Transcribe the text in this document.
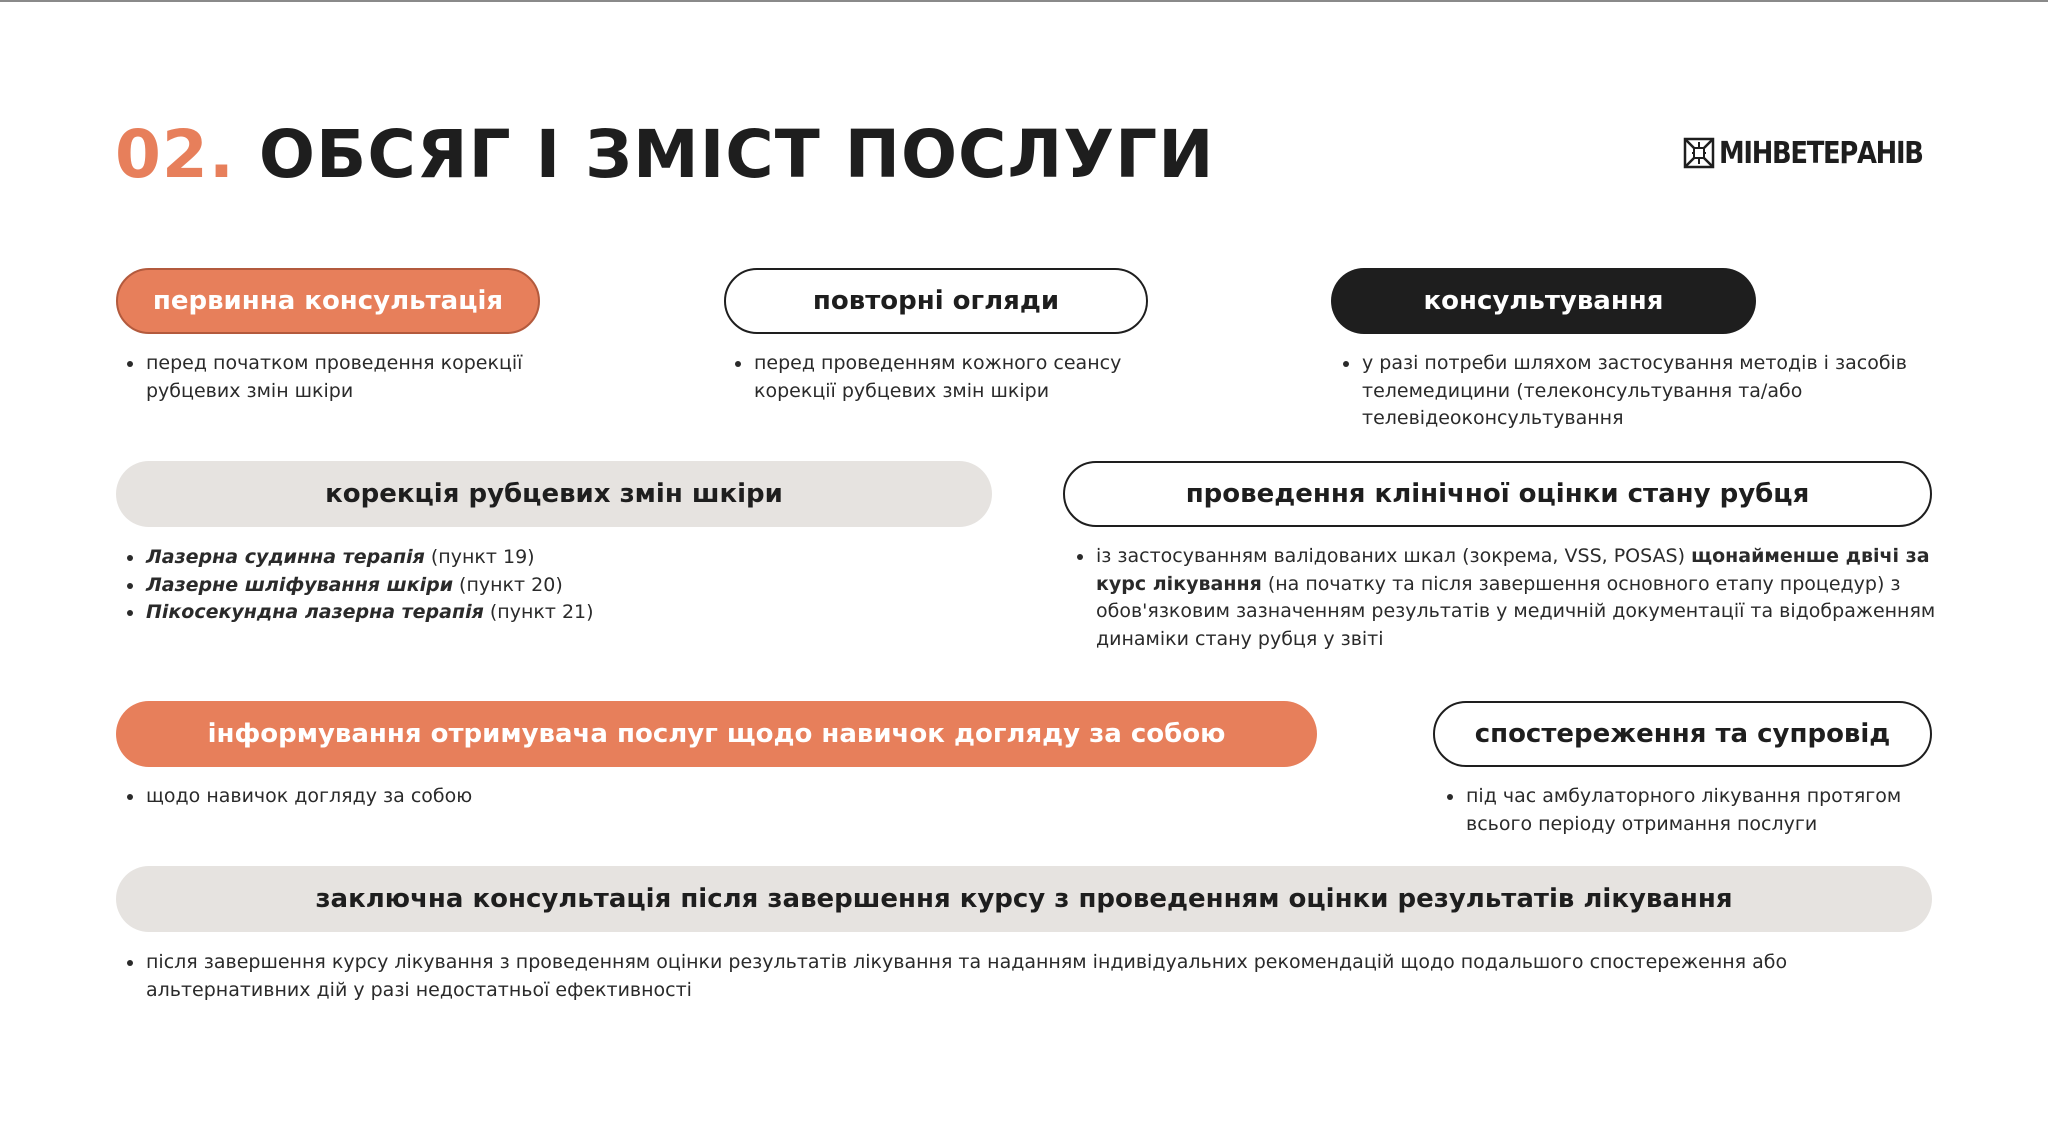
02. ОБСЯГ І ЗМІСТ ПОСЛУГИ	МІНВЕТЕРАНІВ
первинна консультація
перед початком проведення корекції рубцевих змін шкіри
повторні огляди
перед проведенням кожного сеансу корекції рубцевих змін шкіри
консультування
у разі потреби шляхом застосування методів і засобів телемедицини (телеконсультування та/або телевідеоконсультування
корекція рубцевих змін шкіри
Лазерна судинна терапія (пункт 19)
Лазерне шліфування шкіри (пункт 20)
Пікосекундна лазерна терапія (пункт 21)
проведення клінічної оцінки стану рубця
із застосуванням валідованих шкал (зокрема, VSS, POSAS) щонайменше двічі за курс лікування (на початку та після завершення основного етапу процедур) з обов'язковим зазначенням результатів у медичній документації та відображенням динаміки стану рубця у звіті
інформування отримувача послуг щодо навичок догляду за собою
щодо навичок догляду за собою
спостереження та супровід
під час амбулаторного лікування протягом всього періоду отримання послуги
заключна консультація після завершення курсу з проведенням оцінки результатів лікування
після завершення курсу лікування з проведенням оцінки результатів лікування та наданням індивідуальних рекомендацій щодо подальшого спостереження або альтернативних дій у разі недостатньої ефективності
